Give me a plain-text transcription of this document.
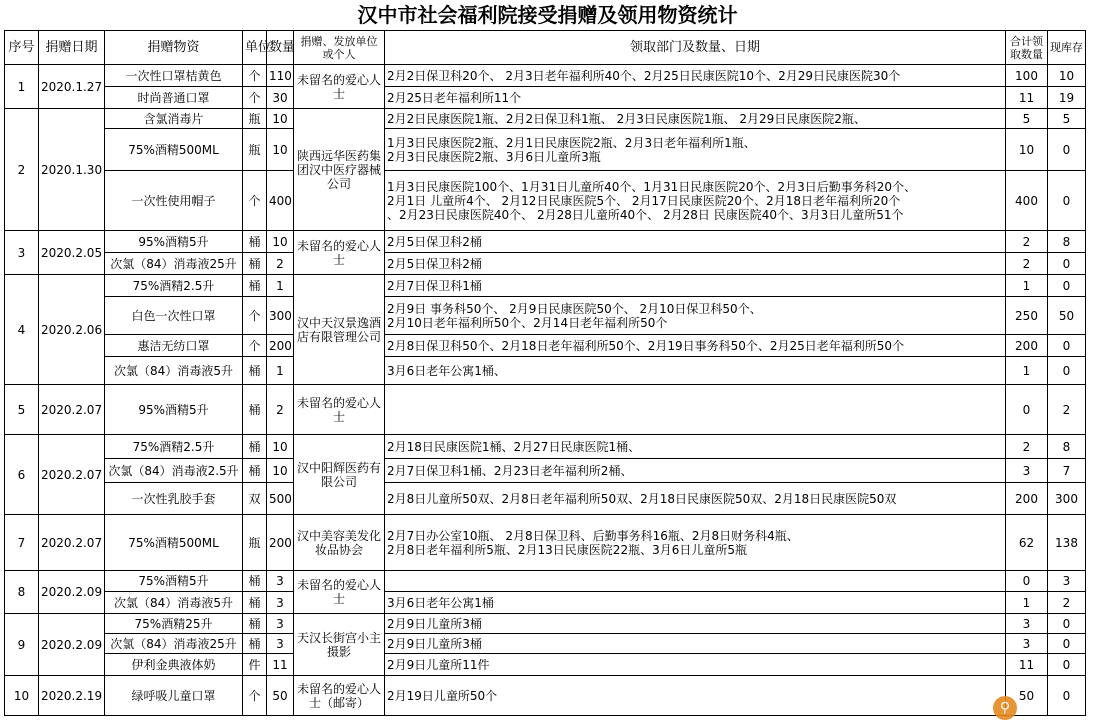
汉中市社会福利院接受捐赠及领用物资统计
序号	捐赠日期	捐赠物资	单位	数量	捐赠、发放单位或个人	领取部门及数量、日期	合计领取数量	现库存
1	2020.1.27	一次性口罩桔黄色	个	110	未留名的爱心人士	2月2日保卫科20个、 2月3日老年福利所40个、2月25日民康医院10个、2月29日民康医院30个	100	10
		时尚普通口罩	个	30		2月25日老年福利所11个	11	19
2	2020.1.30	含氯消毒片	瓶	10	陕西远华医药集团汉中医疗器械公司	2月2日民康医院1瓶、2月2日保卫科1瓶、 2月3日民康医院1瓶、 2月29日民康医院2瓶、	5	5
		75%酒精500ML	瓶	10		1月3日民康医院2瓶、2月1日民康医院2瓶、2月3日老年福利所1瓶、
2月3日民康医院2瓶、3月6日儿童所3瓶	10	0
		一次性使用帽子	个	400		1月3日民康医院100个、1月31日儿童所40个、1月31日民康医院20个、2月3日后勤事务科20个、
2月1日 儿童所4个、 2月12日民康医院5个、 2月17日民康医院20个、2月18日老年福利所20个
、2月23日民康医院40个、 2月28日儿童所40个、 2月28日 民康医院40个、3月3日儿童所51个	400	0
3	2020.2.05	95%酒精5升	桶	10	未留名的爱心人士	2月5日保卫科2桶	2	8
		次氯（84）消毒液25升	桶	2		2月5日保卫科2桶	2	0
4	2020.2.06	75%酒精2.5升	桶	1	汉中天汉景逸酒店有限管理公司	2月7日保卫科1桶	1	0
		白色一次性口罩	个	300		2月9日 事务科50个、 2月9日民康医院50个、 2月10日保卫科50个、
2月10日老年福利所50个、2月14日老年福利所50个	250	50
		惠洁无纺口罩	个	200		2月8日保卫科50个、2月18日老年福利所50个、2月19日事务科50个、2月25日老年福利所50个	200	0
		次氯（84）消毒液5升	桶	1		3月6日老年公寓1桶、	1	0
5	2020.2.07	95%酒精5升	桶	2	未留名的爱心人士		0	2
6	2020.2.07	75%酒精2.5升	桶	10	汉中阳辉医药有限公司	2月18日民康医院1桶、2月27日民康医院1桶、	2	8
		次氯（84）消毒液2.5升	桶	10		2月7日保卫科1桶、2月23日老年福利所2桶、	3	7
		一次性乳胶手套	双	500		2月8日儿童所50双、2月8日老年福利所50双、2月18日民康医院50双、2月18日民康医院50双	200	300
7	2020.2.07	75%酒精500ML	瓶	200	汉中美容美发化妆品协会	2月7日办公室10瓶、 2月8日保卫科、后勤事务科16瓶、2月8日财务科4瓶、
2月8日老年福利所5瓶、2月13日民康医院22瓶、3月6日儿童所5瓶	62	138
8	2020.2.09	75%酒精5升	桶	3	未留名的爱心人士		0	3
		次氯（84）消毒液5升	桶	3		3月6日老年公寓1桶	1	2
9	2020.2.09	75%酒精25升	桶	3	天汉长街宫小主摄影	2月9日儿童所3桶	3	0
		次氯（84）消毒液25升	桶	3		2月9日儿童所3桶	3	0
		伊利金典液体奶	件	11		2月9日儿童所11件	11	0
10	2020.2.19	绿呼吸儿童口罩	个	50	未留名的爱心人士（邮寄）	2月19日儿童所50个	50	0
⚲
